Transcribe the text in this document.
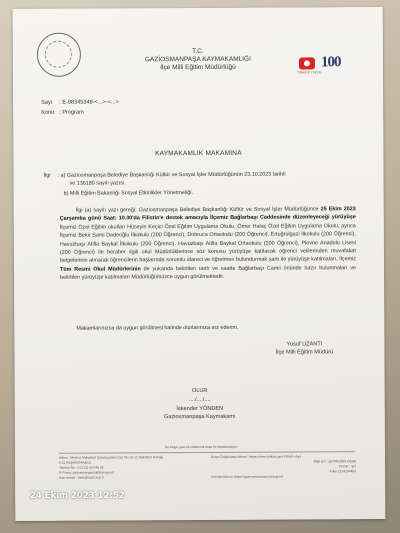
T.C.
GAZİOSMANPAŞA KAYMAKAMLIĞI
İlçe Milli Eğitim Müdürlüğü
TÜRKİYE YÜZYILI
100
Sayı : E-98345349-<...>-<...>
Konu : Program
KAYMAKAMLIK MAKAMINA
İlgi : a) Gaziosmanpaşa Belediye Başkanlığı Kültür ve Sosyal İşler Müdürlüğünün 23.10.2023 tarihli
ve 136180 sayılı yazısı.
b) Milli Eğitim Bakanlığı Sosyal Etkinlikler Yönetmeliği.
İlgi (a) sayılı yazı gereği; Gaziosmanpaşa Belediye Başkanlığı Kültür ve Sosyal İşler Müdürlüğünce 25 Ekim 2023 Çarşamba günü Saat: 10.30'da Filistin'e destek amacıyla İlçemiz Bağlarbaşı Caddesinde düzenleyeceği yürüyüşe İlçemiz Özel Eğitim okulları Hüseyin Keçici Özel Eğitim Uygulama Okulu, Ömer Halaç Özel Eğitim Uygulama Okulu, ayrıca İlçemiz Bekir Sami Dedeoğlu İlkokulu (200 Öğrenci), Dobruca Ortaokulu (200 Öğrenci), Ertuğrulgazi İlkokulu (200 Öğrenci), Havuzbaşı Atilla Baykal İlkokulu (200 Öğrenci), Havuzbaşı Atilla Baykal Ortaokulu (200 Öğrenci), Plevne Anadolu Lisesi (200 Öğrenci) ile beraber ilgili okul Müdürlüklerince söz konusu yürüyüşe katılacak öğrenci velilerinden muvafakat belgelerinin alınarak öğrencilerin başlarında sorumlu idareci ve öğretmen bulundurmak şartı ile yürüyüşe katılmaları, İlçemiz Tüm Resmi Okul Müdürlerinin de yukarıda belirtilen tarih ve saatte Bağlarbaşı Camii önünde hazır bulunmaları ve belirtilen yürüyüşe katılmaları Müdürlüğümüzce uygun görülmektedir.
Makamlarınızca da uygun görülmesi halinde olurlarınıza arz ederim.
Yusuf UZANTI
İlçe Milli Eğitim Müdürü
OLUR
..../..../....
İskender YÖNDEN
Gaziosmanpaşa Kaymakamı
Bu belge güvenli elektronik imza ile imzalanmıştır.
Adres : Merkez Mahallesi Çukurçeşme Cad. No:10-12 Hükümet Konağı
G.O.PAŞA/İSTANBUL
Telefon No : 0 (212) 418 46 05
E-Posta: gaziosmanpasa@meb.gov.tr
Kep Adresi : meb@hs01.kep.tr
Belge Doğrulama Adresi : https://www.turkiye.gov.tr/meb-ebys
Bilgi için : Şef Mustafa CEBE
Unvan : Şef
Faks:2124184404
İnternet Adresi: https://gaziosmanpasa.meb.gov.tr
24 Ekim 2023 12:52
